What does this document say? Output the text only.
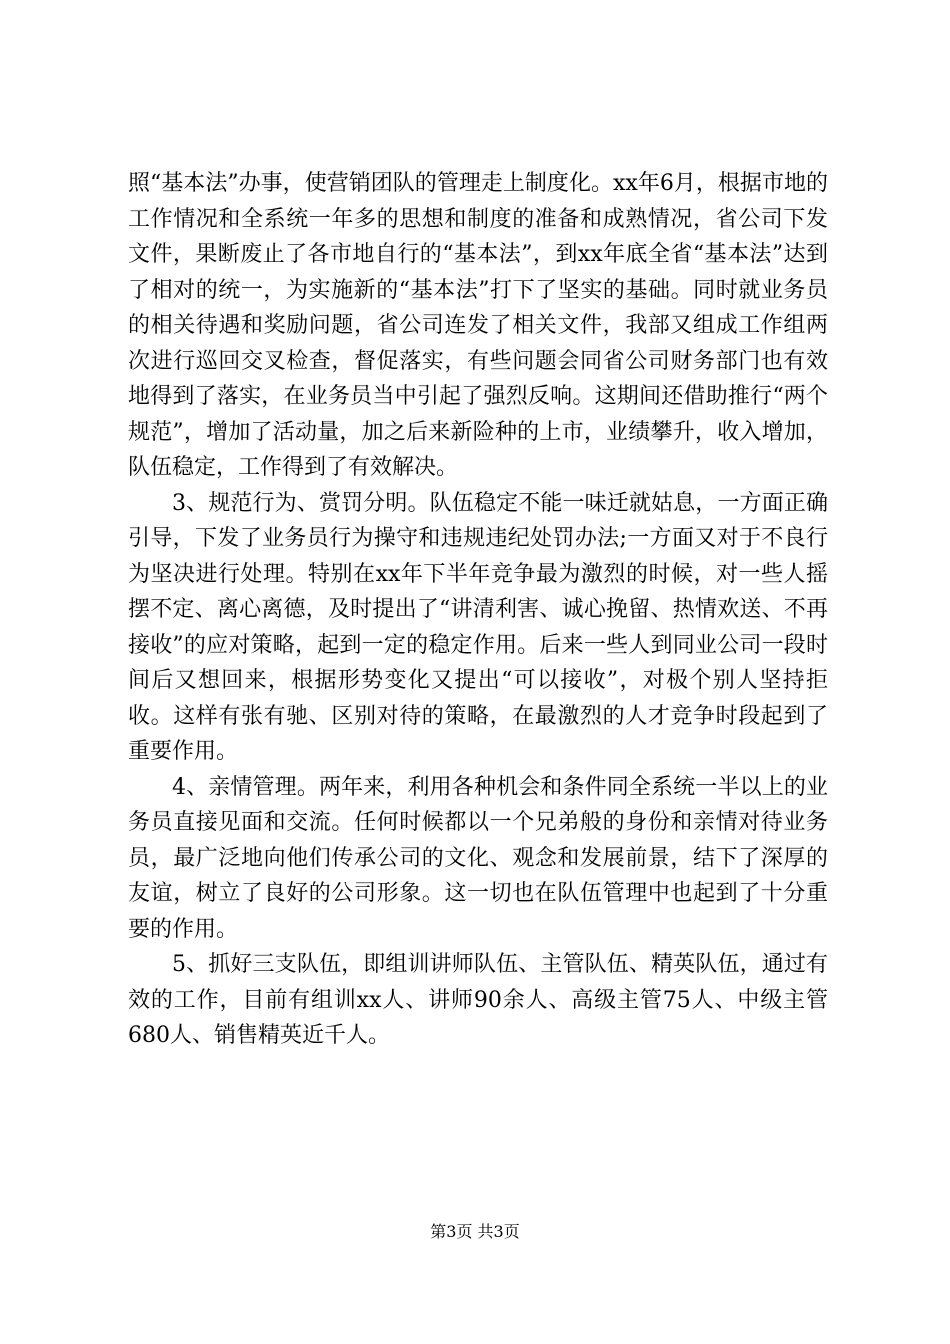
照“基本法”办事，使营销团队的管理走上制度化。xx年6月，根据市地的工作情况和全系统一年多的思想和制度的准备和成熟情况，省公司下发文件，果断废止了各市地自行的“基本法”，到xx年底全省“基本法”达到了相对的统一，为实施新的“基本法”打下了坚实的基础。同时就业务员的相关待遇和奖励问题，省公司连发了相关文件，我部又组成工作组两次进行巡回交叉检查，督促落实，有些问题会同省公司财务部门也有效地得到了落实，在业务员当中引起了强烈反响。这期间还借助推行“两个规范”，增加了活动量，加之后来新险种的上市，业绩攀升，收入增加，队伍稳定，工作得到了有效解决。

3、规范行为、赏罚分明。队伍稳定不能一味迁就姑息，一方面正确引导，下发了业务员行为操守和违规违纪处罚办法;一方面又对于不良行为坚决进行处理。特别在xx年下半年竞争最为激烈的时候，对一些人摇摆不定、离心离德，及时提出了“讲清利害、诚心挽留、热情欢送、不再接收”的应对策略，起到一定的稳定作用。后来一些人到同业公司一段时间后又想回来，根据形势变化又提出“可以接收”，对极个别人坚持拒收。这样有张有驰、区别对待的策略，在最激烈的人才竞争时段起到了重要作用。

4、亲情管理。两年来，利用各种机会和条件同全系统一半以上的业务员直接见面和交流。任何时候都以一个兄弟般的身份和亲情对待业务员，最广泛地向他们传承公司的文化、观念和发展前景，结下了深厚的友谊，树立了良好的公司形象。这一切也在队伍管理中也起到了十分重要的作用。

5、抓好三支队伍，即组训讲师队伍、主管队伍、精英队伍，通过有效的工作，目前有组训xx人、讲师90余人、高级主管75人、中级主管680人、销售精英近千人。

第3页 共3页
